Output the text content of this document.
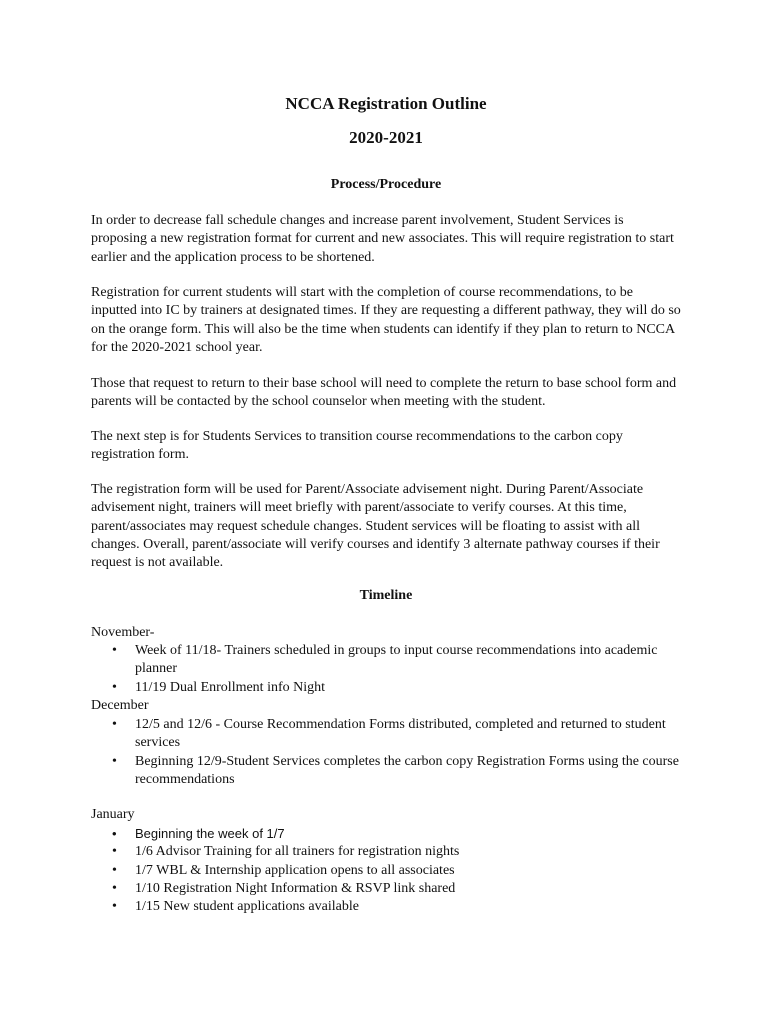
NCCA Registration Outline
2020-2021
Process/Procedure

In order to decrease fall schedule changes and increase parent involvement, Student Services is proposing a new registration format for current and new associates. This will require registration to start earlier and the application process to be shortened.

Registration for current students will start with the completion of course recommendations, to be inputted into IC by trainers at designated times. If they are requesting a different pathway, they will do so on the orange form. This will also be the time when students can identify if they plan to return to NCCA for the 2020-2021 school year.

Those that request to return to their base school will need to complete the return to base school form and parents will be contacted by the school counselor when meeting with the student.

The next step is for Students Services to transition course recommendations to the carbon copy registration form.

The registration form will be used for Parent/Associate advisement night. During Parent/Associate advisement night, trainers will meet briefly with parent/associate to verify courses. At this time, parent/associates may request schedule changes. Student services will be floating to assist with all changes. Overall, parent/associate will verify courses and identify 3 alternate pathway courses if their request is not available.

Timeline
November-
• Week of 11/18- Trainers scheduled in groups to input course recommendations into academic planner
• 11/19 Dual Enrollment info Night
December
• 12/5 and 12/6 - Course Recommendation Forms distributed, completed and returned to student services
• Beginning 12/9-Student Services completes the carbon copy Registration Forms using the course recommendations
January
• Beginning the week of 1/7
• 1/6 Advisor Training for all trainers for registration nights
• 1/7 WBL & Internship application opens to all associates
• 1/10 Registration Night Information & RSVP link shared
• 1/15 New student applications available
